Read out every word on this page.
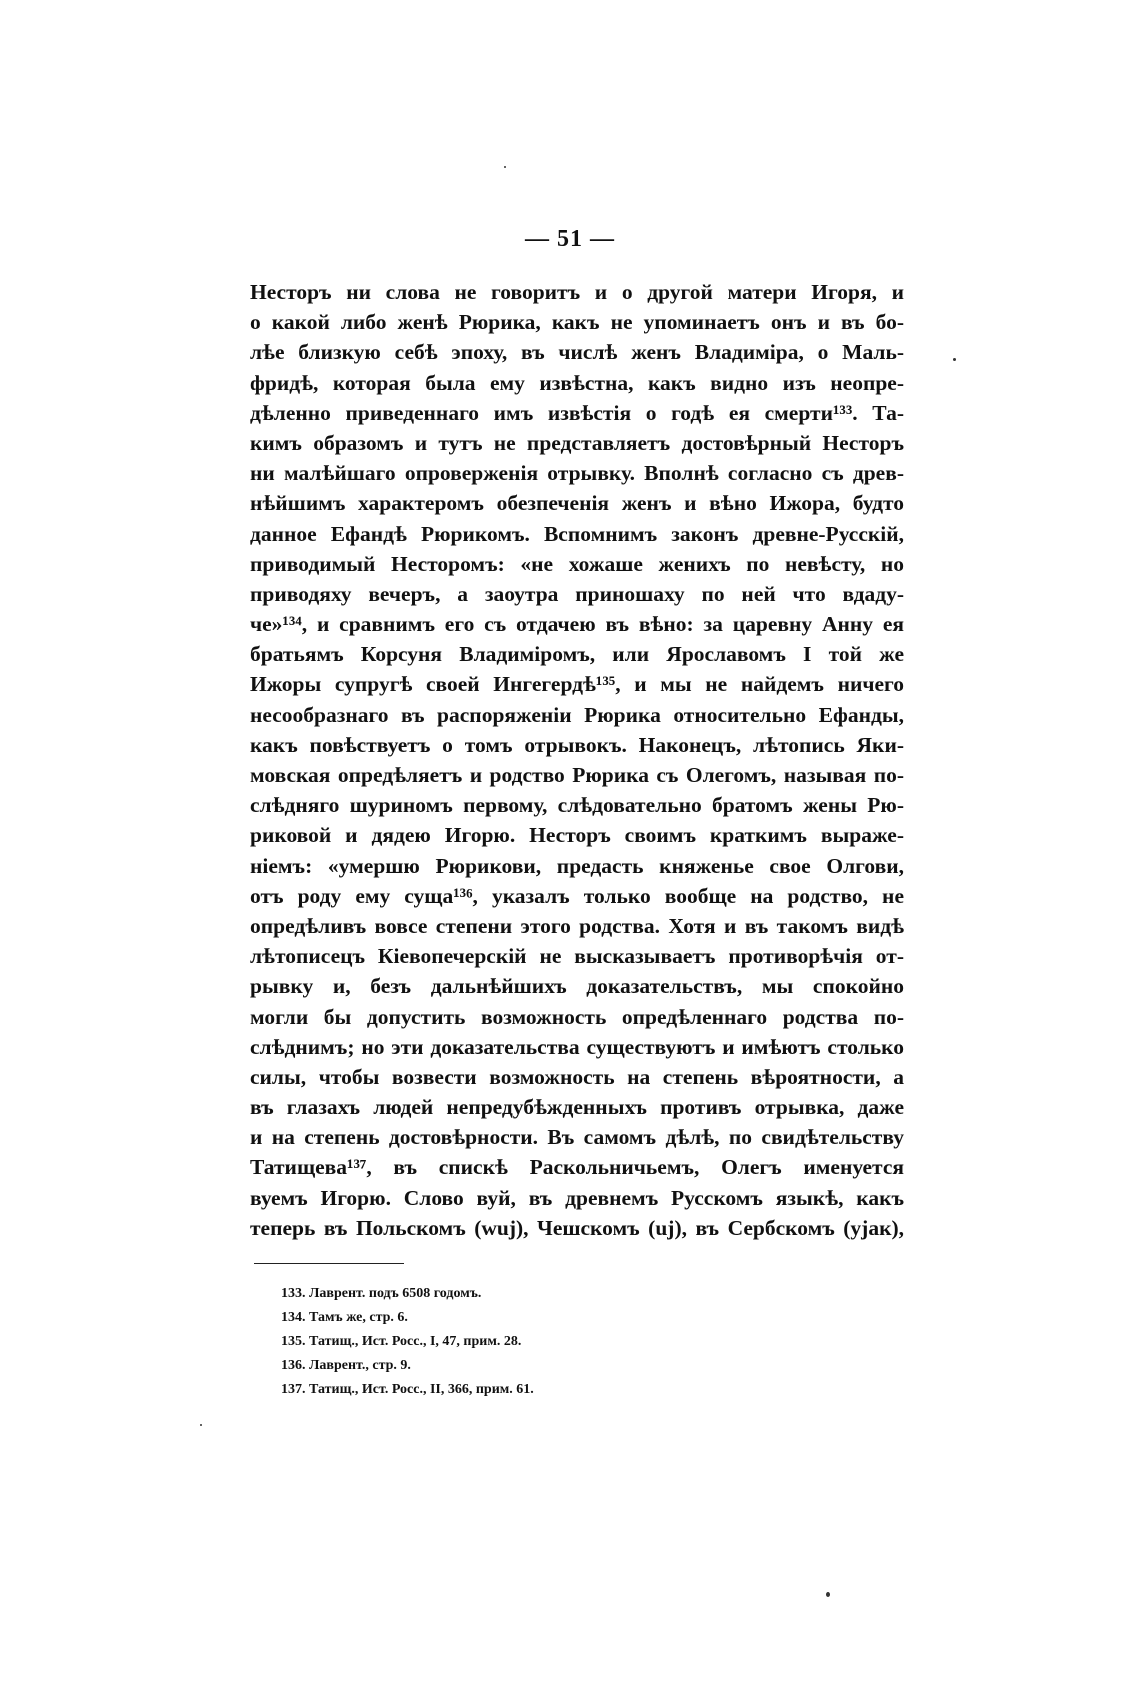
— 51 —
Несторъ ни слова не говоритъ и о другой матери Игоря, и
о какой либо женѣ Рюрика, какъ не упоминаетъ онъ и въ бо-
лѣе близкую себѣ эпоху, въ числѣ женъ Владиміра, о Маль-
фридѣ, которая была ему извѣстна, какъ видно изъ неопре-
дѣленно приведеннаго имъ извѣстія о годѣ ея смерти¹³³. Та-
кимъ образомъ и тутъ не представляетъ достовѣрный Несторъ
ни малѣйшаго опроверженія отрывку. Вполнѣ согласно съ древ-
нѣйшимъ характеромъ обезпеченія женъ и вѣно Ижора, будто
данное Ефандѣ Рюрикомъ. Вспомнимъ законъ древне-Русскій,
приводимый Несторомъ: «не хожаше женихъ по невѣсту, но
приводяху вечеръ, а заоутра приношаху по ней что вдаду-
че»¹³⁴, и сравнимъ его съ отдачею въ вѣно: за царевну Анну ея
братьямъ Корсуня Владиміромъ, или Ярославомъ I той же
Ижоры супругѣ своей Ингегердѣ¹³⁵, и мы не найдемъ ничего
несообразнаго въ распоряженіи Рюрика относительно Ефанды,
какъ повѣствуетъ о томъ отрывокъ. Наконецъ, лѣтопись Яки-
мовская опредѣляетъ и родство Рюрика съ Олегомъ, называя по-
слѣдняго шуриномъ первому, слѣдовательно братомъ жены Рю-
риковой и дядею Игорю. Несторъ своимъ краткимъ выраже-
ніемъ: «умершю Рюрикови, предасть княженье свое Олгови,
отъ роду ему суща¹³⁶, указалъ только вообще на родство, не
опредѣливъ вовсе степени этого родства. Хотя и въ такомъ видѣ
лѣтописецъ Кіевопечерскій не высказываетъ противорѣчія от-
рывку и, безъ дальнѣйшихъ доказательствъ, мы спокойно
могли бы допустить возможность опредѣленнаго родства по-
слѣднимъ; но эти доказательства существуютъ и имѣютъ столько
силы, чтобы возвести возможность на степень вѣроятности, а
въ глазахъ людей непредубѣжденныхъ противъ отрывка, даже
и на степень достовѣрности. Въ самомъ дѣлѣ, по свидѣтельству
Татищева¹³⁷, въ спискѣ Раскольничьемъ, Олегъ именуется
вуемъ Игорю. Слово вуй, въ древнемъ Русскомъ языкѣ, какъ
теперь въ Польскомъ (wuj), Чешскомъ (uj), въ Сербскомъ (ујак),
133. Лаврент. подъ 6508 годомъ.
134. Тамъ же, стр. 6.
135. Татищ., Ист. Росс., I, 47, прим. 28.
136. Лаврент., стр. 9.
137. Татищ., Ист. Росс., II, 366, прим. 61.
